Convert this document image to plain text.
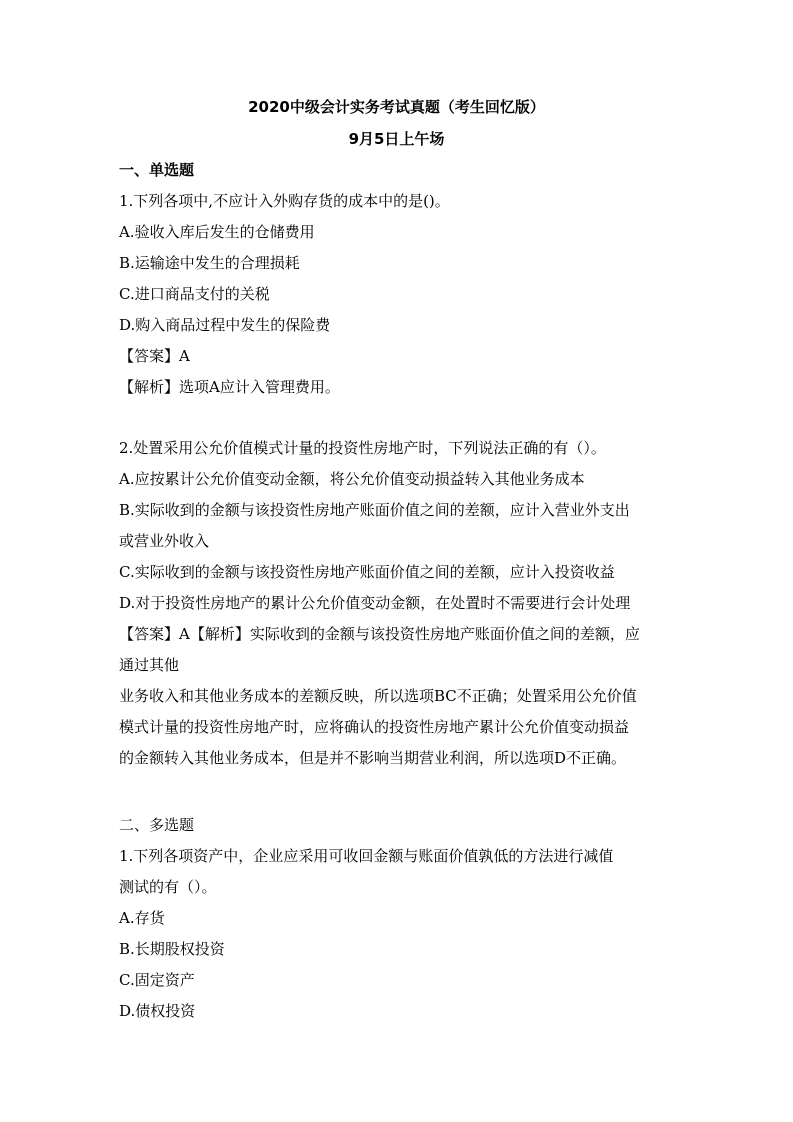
2020中级会计实务考试真题（考生回忆版）
9月5日上午场
一、单选题
1.下列各项中,不应计入外购存货的成本中的是()。
A.验收入库后发生的仓储费用
B.运输途中发生的合理损耗
C.进口商品支付的关税
D.购入商品过程中发生的保险费
【答案】A
【解析】选项A应计入管理费用。
2.处置采用公允价值模式计量的投资性房地产时，下列说法正确的有（）。
A.应按累计公允价值变动金额，将公允价值变动损益转入其他业务成本
B.实际收到的金额与该投资性房地产账面价值之间的差额，应计入营业外支出
或营业外收入
C.实际收到的金额与该投资性房地产账面价值之间的差额，应计入投资收益
D.对于投资性房地产的累计公允价值变动金额，在处置时不需要进行会计处理
【答案】A【解析】实际收到的金额与该投资性房地产账面价值之间的差额，应
通过其他
业务收入和其他业务成本的差额反映，所以选项BC不正确；处置采用公允价值
模式计量的投资性房地产时，应将确认的投资性房地产累计公允价值变动损益
的金额转入其他业务成本，但是并不影响当期营业利润，所以选项D不正确。
二、多选题
1.下列各项资产中，企业应采用可收回金额与账面价值孰低的方法进行减值
测试的有（）。
A.存货
B.长期股权投资
C.固定资产
D.债权投资
